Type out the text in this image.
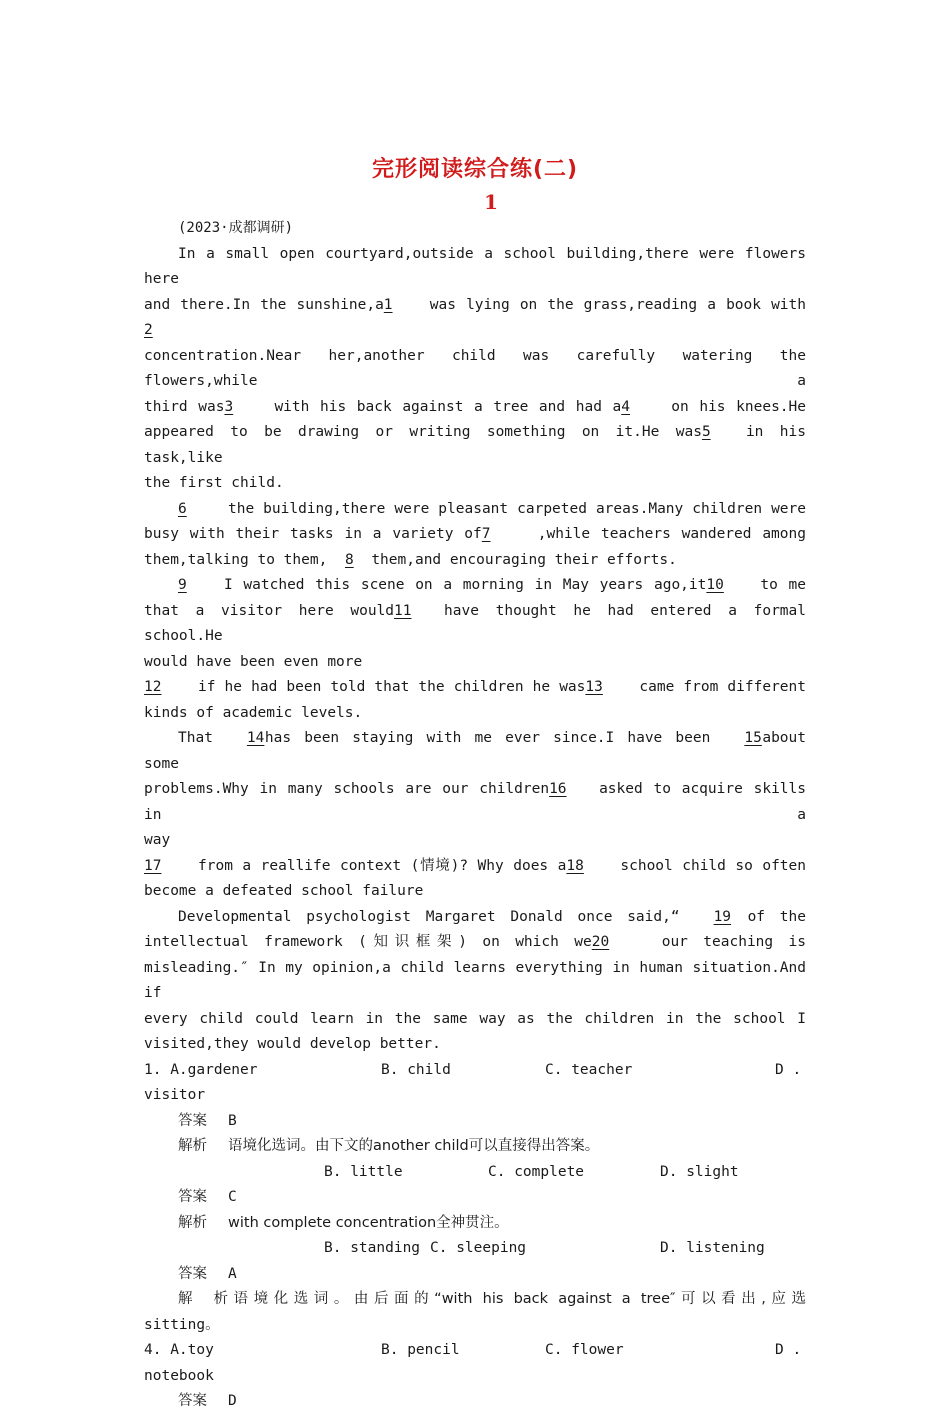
完形阅读综合练(二)
1

(2023·成都调研)

In a small open courtyard,outside a school building,there were flowers here

and there.In the sunshine,a1	was lying on the grass,reading a book with2

concentration.Near her,another child was carefully watering the flowers,while a

third was3	with his back against a tree and had a4	on his knees.He

appeared to be drawing or writing something on it.He was5 in his task,like

the first child.

6	the building,there were pleasant carpeted areas.Many children were

busy with their tasks in a variety of7	,while teachers wandered among

them,talking to them, 8 them,and encouraging their efforts.

9	I watched this scene on a morning in May years ago,it10	to me

that a visitor here would11 have thought he had entered a formal school.He

would have been even more

12	if he had been told that the children he was13	came from different

kinds of academic levels.

That 14has been staying with me ever since.I have been 15about some

problems.Why in many schools are our children16 asked to acquire skills in a

way

17	from a reallife context (情境)? Why does a18	school child so often

become a defeated school failure

Developmental psychologist Margaret Donald once said,“ 19 of the

intellectual framework (知识框架) on which we20	our teaching is

misleading.″ In my opinion,a child learns everything in human situation.And if

every child could learn in the same way as the children in the school I

visited,they would develop better.

1. A.gardener	B. child	C. teacher	D .

visitor

答案 B

解析 语境化选词。由下文的another child可以直接得出答案。

B. little	C. complete	D. slight

答案 C

解析 with complete concentration全神贯注。

B. standing C. sleeping	D. listening

答案 A

解析语境化选词。由后面的“with his back against a tree″可以看出,应选

sitting。

4. A.toy	B. pencil	C. flower	D .

notebook

答案 D
